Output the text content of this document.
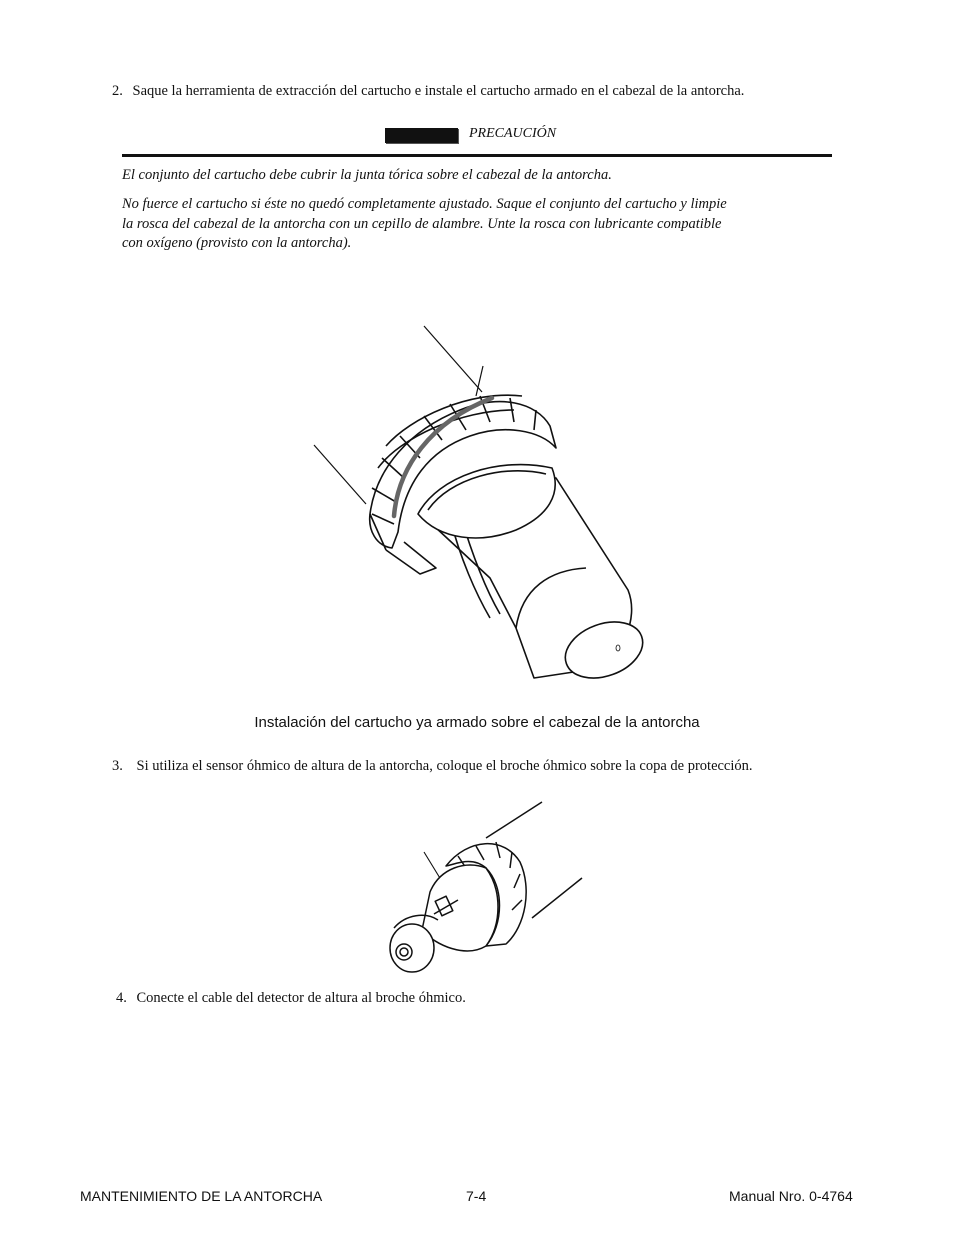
2. Saque la herramienta de extracción del cartucho e instale el cartucho armado en el cabezal de la antorcha.
PRECAUCIÓN
El conjunto del cartucho debe cubrir la junta tórica sobre el cabezal de la antorcha.
No fuerce el cartucho si éste no quedó completamente ajustado. Saque el conjunto del cartucho y limpie
la rosca del cabezal de la antorcha con un cepillo de alambre. Unte la rosca con lubricante compatible
con oxígeno (provisto con la antorcha).
Instalación del cartucho ya armado sobre el cabezal de la antorcha
3. Si utiliza el sensor óhmico de altura de la antorcha, coloque el broche óhmico sobre la copa de protección.
4. Conecte el cable del detector de altura al broche óhmico.
MANTENIMIENTO DE LA ANTORCHA	7-4	Manual Nro. 0-4764
